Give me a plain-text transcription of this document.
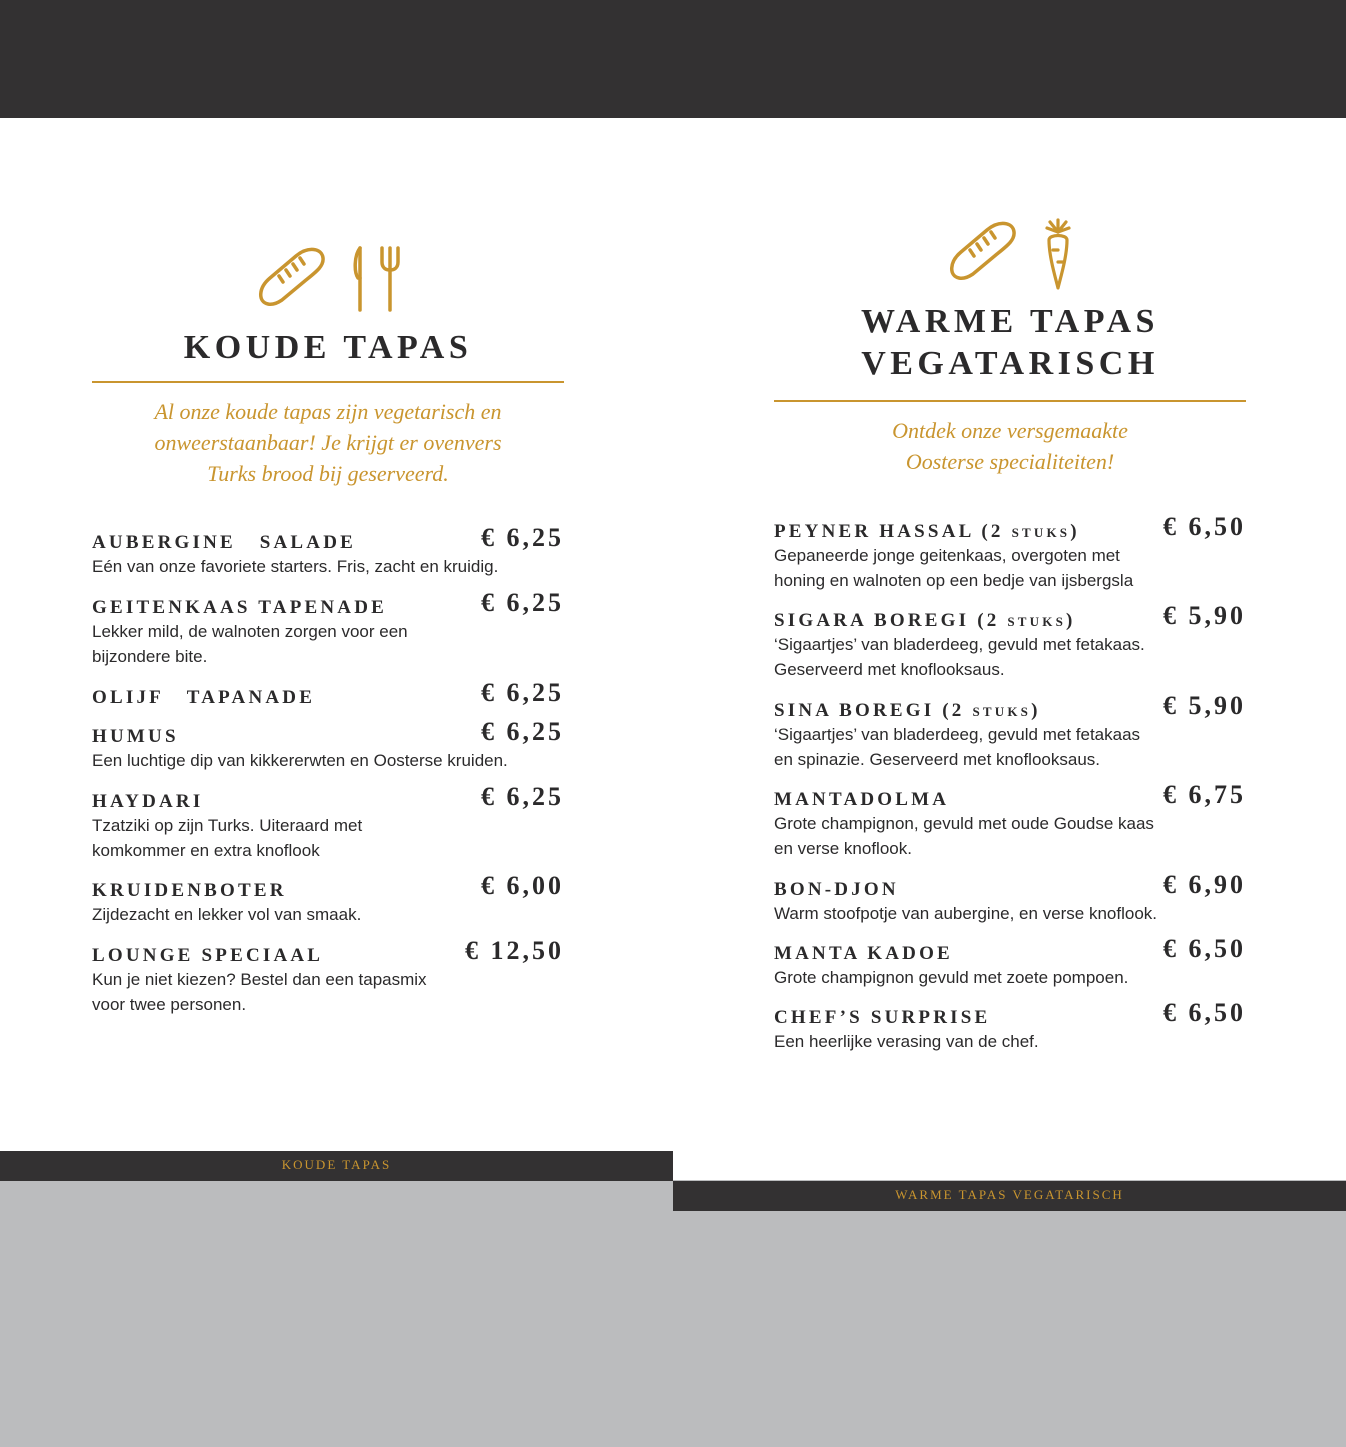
KOUDE TAPAS
Al onze koude tapas zijn vegetarisch en
onweerstaanbaar! Je krijgt er ovenvers
Turks brood bij geserveerd.
AUBERGINE   SALADE	€ 6,25

Eén van onze favoriete starters. Fris, zacht en kruidig.

GEITENKAAS TAPENADE	€ 6,25

Lekker mild, de walnoten zorgen voor een

bijzondere bite.

OLIJF   TAPANADE	€ 6,25
HUMUS	€ 6,25

Een luchtige dip van kikkererwten en Oosterse kruiden.

HAYDARI	€ 6,25

Tzatziki op zijn Turks. Uiteraard met

komkommer en extra knoflook

KRUIDENBOTER	€ 6,00

Zijdezacht en lekker vol van smaak.

LOUNGE SPECIAAL	€ 12,50

Kun je niet kiezen? Bestel dan een tapasmix

voor twee personen.

WARME TAPAS
VEGATARISCH
Ontdek onze versgemaakte
Oosterse specialiteiten!
PEYNER HASSAL (2 stuks)	€ 6,50

Gepaneerde jonge geitenkaas, overgoten met

honing en walnoten op een bedje van ijsbergsla

SIGARA BOREGI (2 stuks)	€ 5,90

‘Sigaartjes’ van bladerdeeg, gevuld met fetakaas.

Geserveerd met knoflooksaus.

SINA BOREGI (2 stuks)	€ 5,90

‘Sigaartjes’ van bladerdeeg, gevuld met fetakaas

en spinazie. Geserveerd met knoflooksaus.

MANTADOLMA	€ 6,75

Grote champignon, gevuld met oude Goudse kaas

en verse knoflook.

BON-DJON	€ 6,90

Warm stoofpotje van aubergine, en verse knoflook.

MANTA KADOE	€ 6,50

Grote champignon gevuld met zoete pompoen.

CHEF’S SURPRISE	€ 6,50

Een heerlijke verasing van de chef.

KOUDE TAPAS
WARME TAPAS VEGATARISCH
